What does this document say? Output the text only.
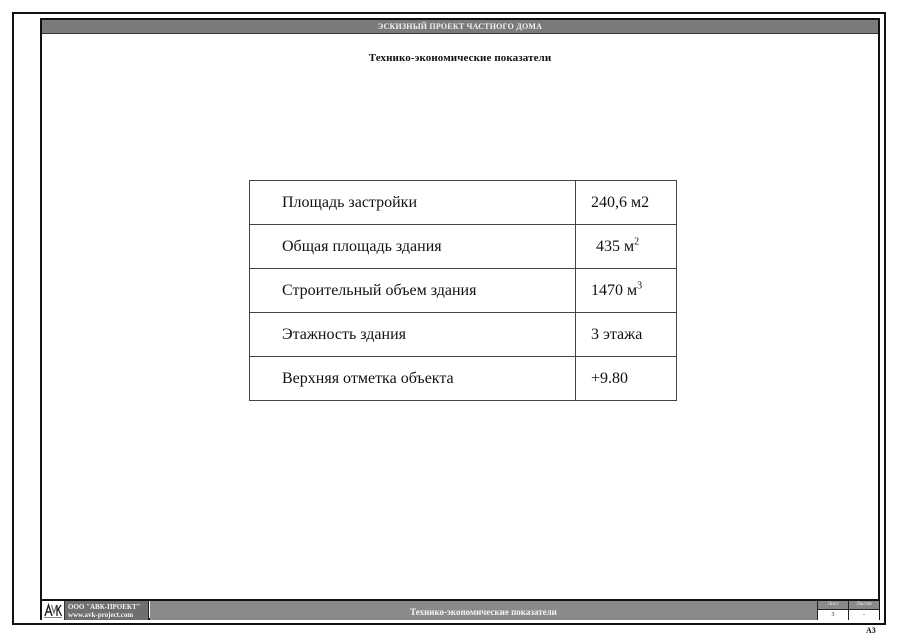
ЭСКИЗНЫЙ ПРОЕКТ ЧАСТНОГО ДОМА
Технико-экономические показатели
Площадь застройки	240,6 м2
Общая площадь здания	435 $м^2$
Строительный объем здания	1470 $м^3$
Этажность здания	3 этажа
Верхняя отметка объекта	+9.80
ООО "АВК-ПРОЕКТ"
www.avk-project.com	Технико-экономические показатели
Лист
3
Листов
-
A3
